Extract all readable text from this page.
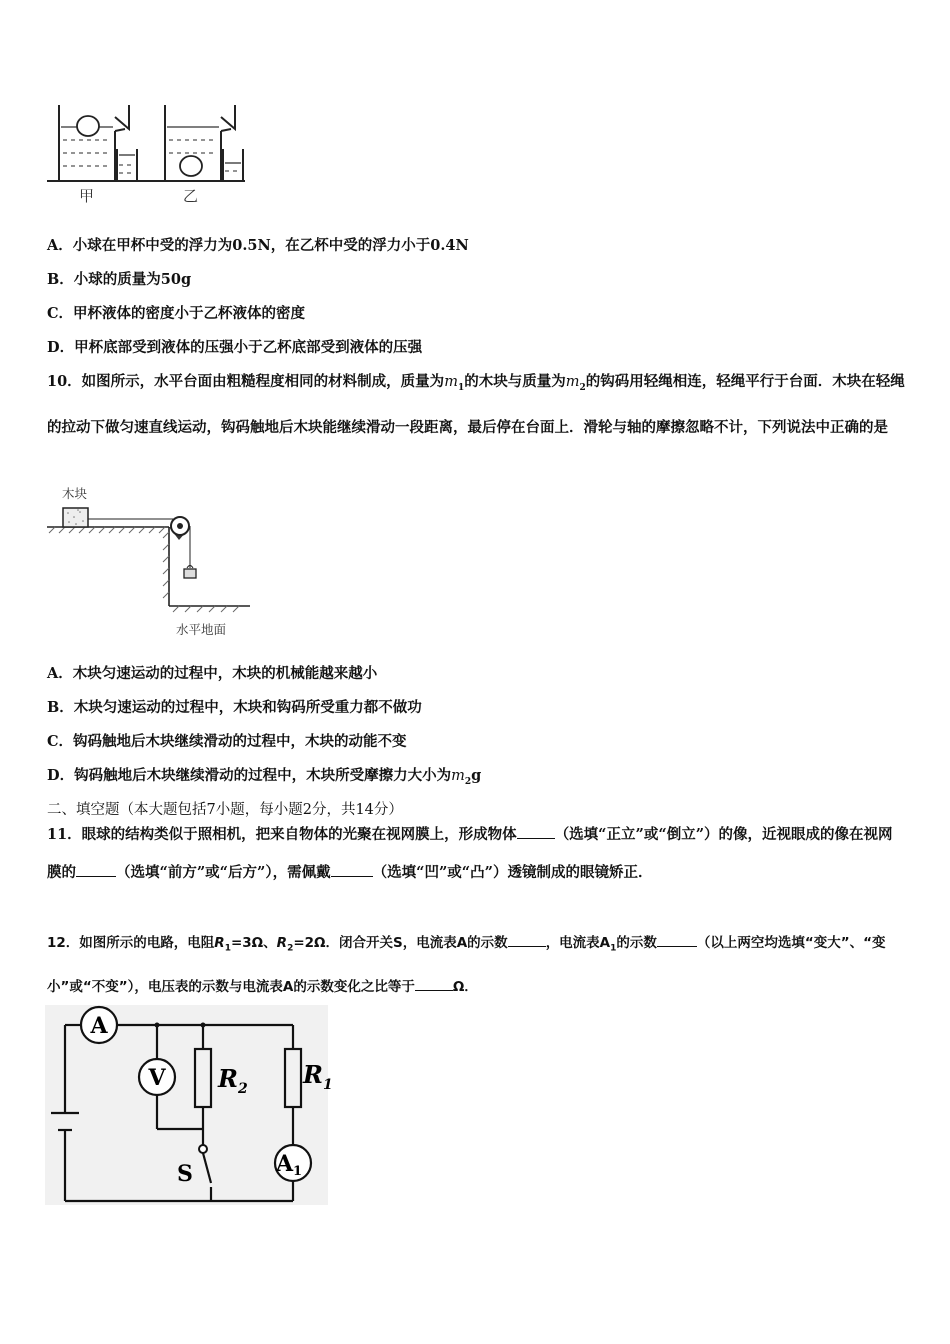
甲	乙
A．小球在甲杯中受的浮力为0.5N，在乙杯中受的浮力小于0.4N
B．小球的质量为50g
C．甲杯液体的密度小于乙杯液体的密度
D．甲杯底部受到液体的压强小于乙杯底部受到液体的压强
10．如图所示，水平台面由粗糙程度相同的材料制成，质量为$m_1$的木块与质量为$m_2$的钩码用轻绳相连，轻绳平行于台面．木块在轻绳的拉动下做匀速直线运动，钩码触地后木块能继续滑动一段距离，最后停在台面上．滑轮与轴的摩擦忽略不计，下列说法中正确的是
木块
水平地面
A．木块匀速运动的过程中，木块的机械能越来越小
B．木块匀速运动的过程中，木块和钩码所受重力都不做功
C．钩码触地后木块继续滑动的过程中，木块的动能不变
D．钩码触地后木块继续滑动的过程中，木块所受摩擦力大小为$m_2g$
二、填空题（本大题包括7小题，每小题2分，共14分）
11．眼球的结构类似于照相机，把来自物体的光聚在视网膜上，形成物体	（选填“正立”或“倒立”）的像，近视眼成的像在视网膜的	（选填“前方”或“后方”），需佩戴	（选填“凹”或“凸”）透镜制成的眼镜矫正．
12．如图所示的电路，电阻$R_1=3\Omega$、$R_2=2\Omega$．闭合开关S，电流表A的示数	，电流表$A_1$的示数	（以上两空均选填“变大”、“变小”或“不变”），电压表的示数与电流表A的示数变化之比等于	Ω．
A
V
A1
$R_2$ $R_1$
S
